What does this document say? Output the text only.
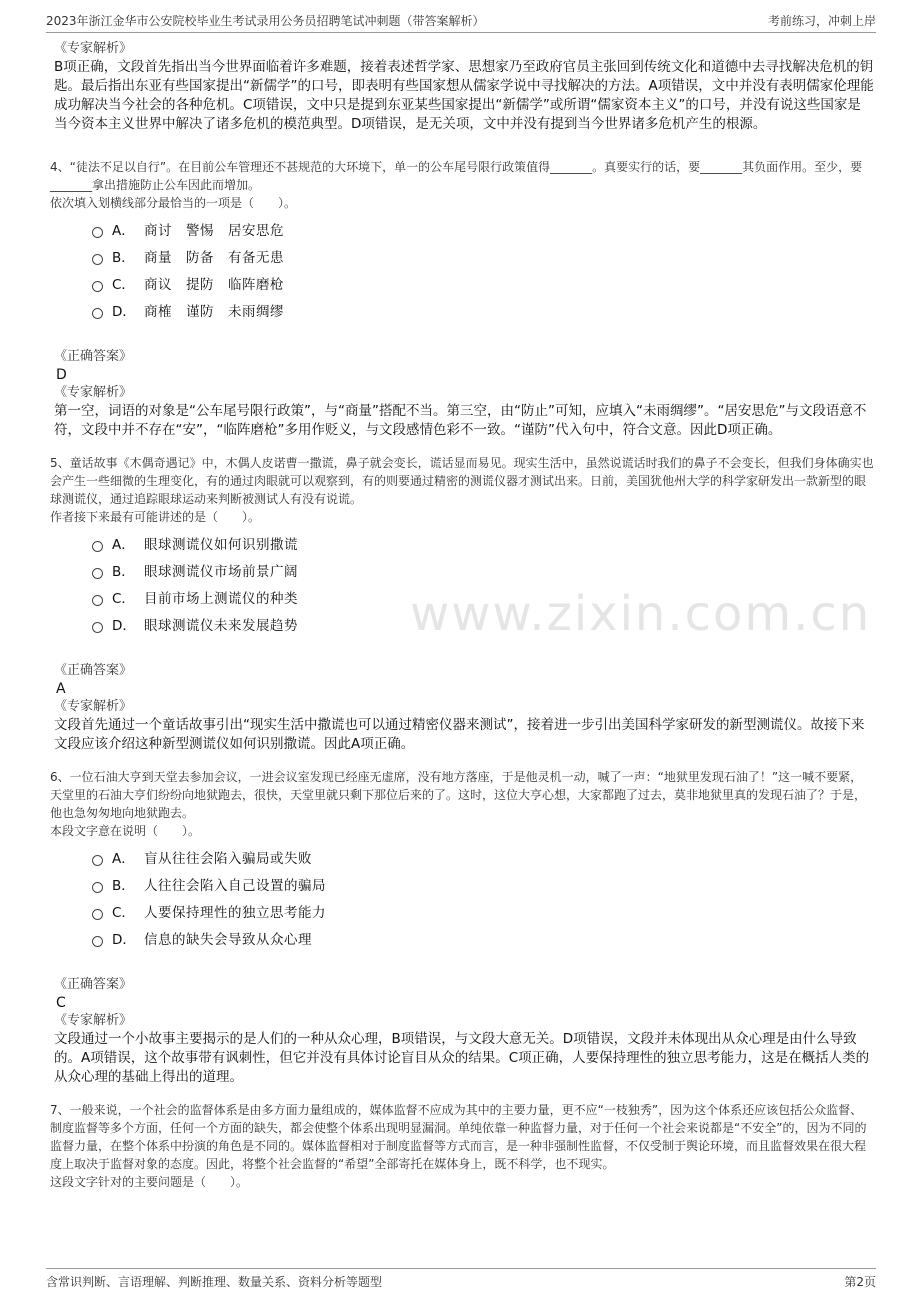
2023年浙江金华市公安院校毕业生考试录用公务员招聘笔试冲刺题（带答案解析）	考前练习，冲刺上岸
www.zixin.com.cn
《专家解析》
B项正确，文段首先指出当今世界面临着许多难题，接着表述哲学家、思想家乃至政府官员主张回到传统文化和道德中去寻找解决危机的钥匙。最后指出东亚有些国家提出“新儒学”的口号，即表明有些国家想从儒家学说中寻找解决的方法。A项错误，文中并没有表明儒家伦理能成功解决当今社会的各种危机。C项错误，文中只是提到东亚某些国家提出“新儒学”或所谓“儒家资本主义”的口号，并没有说这些国家是当今资本主义世界中解决了诸多危机的模范典型。D项错误，是无关项，文中并没有提到当今世界诸多危机产生的根源。
4、“徒法不足以自行”。在目前公车管理还不甚规范的大环境下，单一的公车尾号限行政策值得_______。真要实行的话，要_______其负面作用。至少，要_______拿出措施防止公车因此而增加。
依次填入划横线部分最恰当的一项是（　　）。
A． 商讨　警惕　居安思危
B． 商量　防备　有备无患
C． 商议　提防　临阵磨枪
D． 商榷　谨防　未雨绸缪
《正确答案》
D
《专家解析》
第一空，词语的对象是“公车尾号限行政策”，与“商量”搭配不当。第三空，由“防止”可知，应填入“未雨绸缪”。“居安思危”与文段语意不符，文段中并不存在“安”，“临阵磨枪”多用作贬义，与文段感情色彩不一致。“谨防”代入句中，符合文意。因此D项正确。
5、童话故事《木偶奇遇记》中，木偶人皮诺曹一撒谎，鼻子就会变长，谎话显而易见。现实生活中，虽然说谎话时我们的鼻子不会变长，但我们身体确实也会产生一些细微的生理变化，有的通过肉眼就可以观察到，有的则要通过精密的测谎仪器才测试出来。日前，美国犹他州大学的科学家研发出一款新型的眼球测谎仪，通过追踪眼球运动来判断被测试人有没有说谎。
作者接下来最有可能讲述的是（　　）。
A． 眼球测谎仪如何识别撒谎
B． 眼球测谎仪市场前景广阔
C． 目前市场上测谎仪的种类
D． 眼球测谎仪未来发展趋势
《正确答案》
A
《专家解析》
文段首先通过一个童话故事引出“现实生活中撒谎也可以通过精密仪器来测试”，接着进一步引出美国科学家研发的新型测谎仪。故接下来文段应该介绍这种新型测谎仪如何识别撒谎。因此A项正确。
6、一位石油大亨到天堂去参加会议，一进会议室发现已经座无虚席，没有地方落座，于是他灵机一动，喊了一声：“地狱里发现石油了！”这一喊不要紧，天堂里的石油大亨们纷纷向地狱跑去，很快，天堂里就只剩下那位后来的了。这时，这位大亨心想，大家都跑了过去，莫非地狱里真的发现石油了？于是，他也急匆匆地向地狱跑去。
本段文字意在说明（　　）。
A． 盲从往往会陷入骗局或失败
B． 人往往会陷入自己设置的骗局
C． 人要保持理性的独立思考能力
D． 信息的缺失会导致从众心理
《正确答案》
C
《专家解析》
文段通过一个小故事主要揭示的是人们的一种从众心理，B项错误，与文段大意无关。D项错误，文段并未体现出从众心理是由什么导致的。A项错误，这个故事带有讽刺性，但它并没有具体讨论盲目从众的结果。C项正确，人要保持理性的独立思考能力，这是在概括人类的从众心理的基础上得出的道理。
7、一般来说，一个社会的监督体系是由多方面力量组成的，媒体监督不应成为其中的主要力量，更不应“一枝独秀”，因为这个体系还应该包括公众监督、制度监督等多个方面，任何一个方面的缺失，都会使整个体系出现明显漏洞。单纯依靠一种监督力量，对于任何一个社会来说都是“不安全”的，因为不同的监督力量，在整个体系中扮演的角色是不同的。媒体监督相对于制度监督等方式而言，是一种非强制性监督，不仅受制于舆论环境，而且监督效果在很大程度上取决于监督对象的态度。因此，将整个社会监督的“希望”全部寄托在媒体身上，既不科学，也不现实。
这段文字针对的主要问题是（　　）。
含常识判断、言语理解、判断推理、数量关系、资料分析等题型	第2页
